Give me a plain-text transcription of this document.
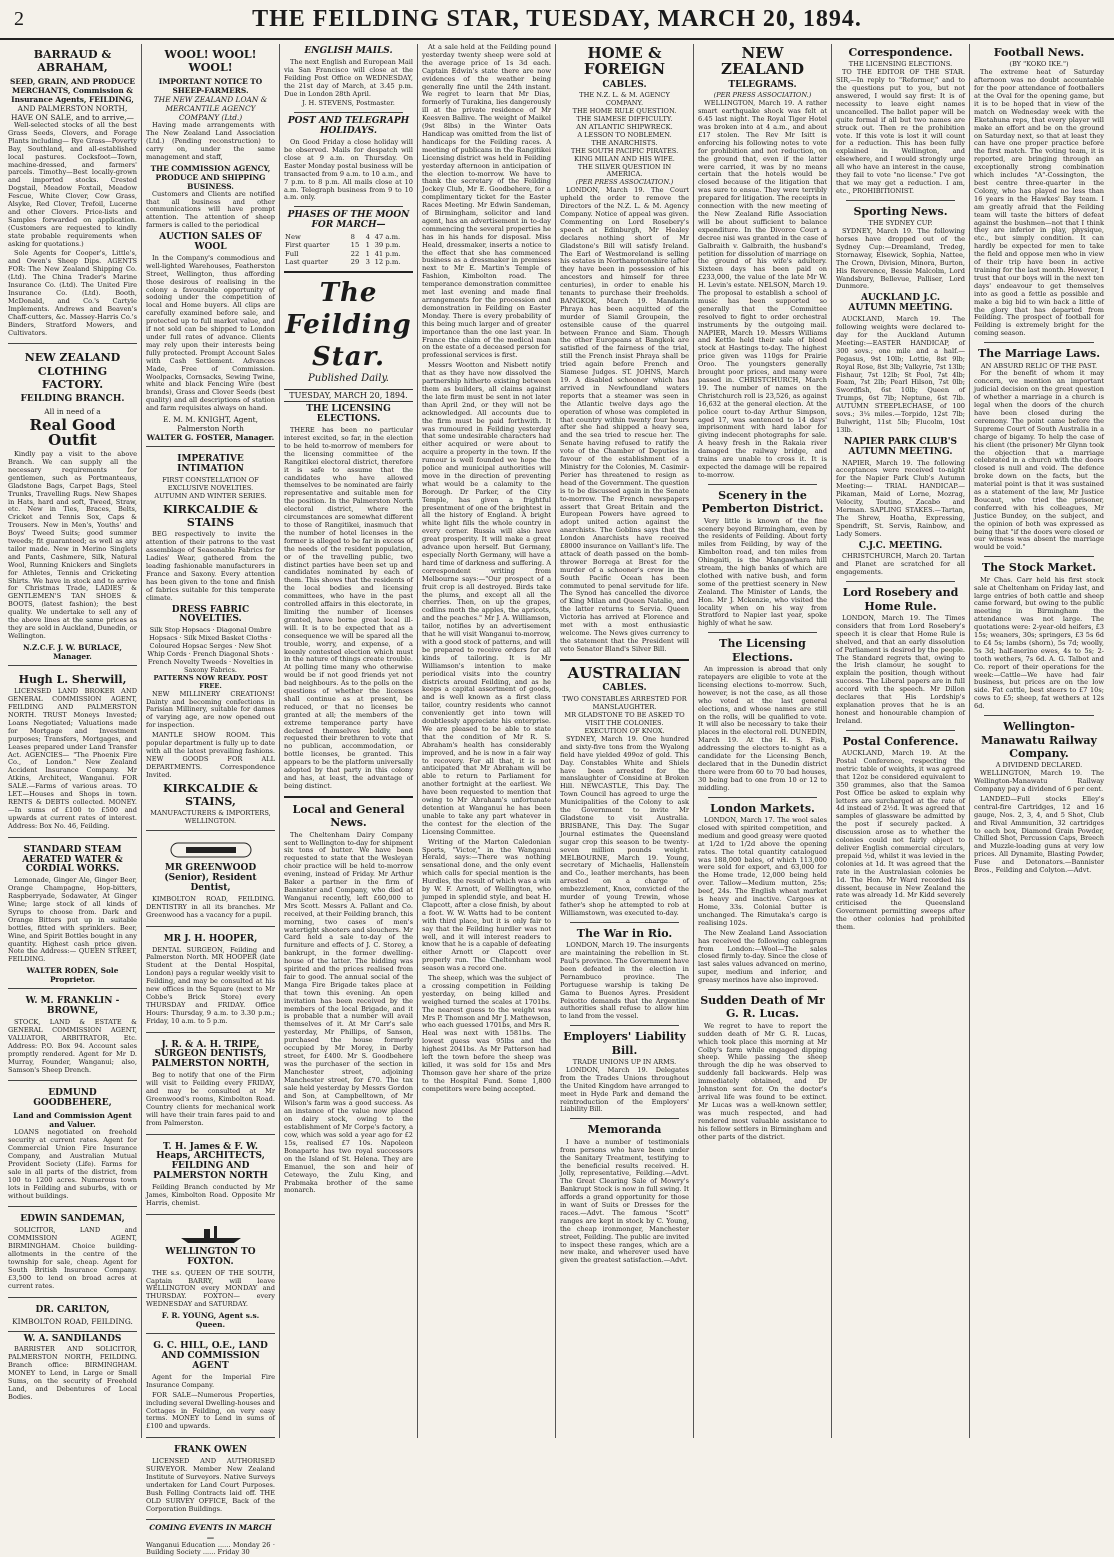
2	THE FEILDING STAR, TUESDAY, MARCH 20, 1894.
BARRAUD & ABRAHAM,
SEED, GRAIN, AND PRODUCE MERCHANTS, Commission & Insurance Agents, FEILDING,
AND PALMERSTON NORTH, HAVE ON SALE, and to arrive,—

Well-selected stocks of all the best Grass Seeds, Clovers, and Forage Plants including— Rye Grass—Poverty Bay, Southland, and all-established local pastures. Cocksfoot—Town, machine-dressed, and farmers' parcels. Timothy—Best locally-grown and imported stocks. Crested Dogstail, Meadow Foxtail, Meadow Fescue, White Clover, Cow Grass, Alsyke, Red Clover, Trefoil, Lucerne and other Clovers. Price-lists and Samples forwarded on application. (Customers are requested to kindly state probable requirements when asking for quotations.)

Sole Agents for Cooper's, Little's, and Owen's Sheep Dips. AGENTS FOR: The New Zealand Shipping Co. (Ltd). The China Trader's Marine Insurance Co. (Ltd). The United Fire Insurance Co. (Ltd). Booth, McDonald, and Co.'s Cartyle Implements. Andrews and Beaven's Chaff-cutters, &c. Massey-Harris Co.'s Binders, Stratford Mowers, and Cultivators.

NEW ZEALAND CLOTHING FACTORY.
FEILDING BRANCH.
All in need of a
Real Good Outfit

Kindly pay a visit to the above Branch. We can supply all the necessary requirements for gentlemen, such as Portmanteaus, Gladstone Bags, Carpet Bags, Steel Trunks, Travelling Rugs. New Shapes in Hats, hard and soft, Tweed, Straw, etc. New in Ties, Braces, Belts, Cricket and Tennis Sox, Caps & Trousers. New in Men's, Youths' and Boys' Tweed Suits; good summer tweeds; fit guaranteed; as well as any tailor made. New in Merino Singlets and Pants, Cashmere, Silk, Natural Wool, Running Knickers and Singlets for Athletes, Tennis and Cricketing Shirts. We have in stock and to arrive for Christmas Trade, LADIES' & GENTLEMEN'S TAN SHOES & BOOTS, (latest fashion); the best quality. We undertake to sell any of the above lines at the same prices as they are sold in Auckland, Dunedin, or Wellington.

N.Z.C.F. J. W. BURLACE, Manager.
Hugh L. Sherwill,

LICENSED LAND BROKER AND GENERAL COMMISSION AGENT, FEILDING AND PALMERSTON NORTH. TRUST Moneys Invested; Loans Negotiated; Valuations made for Mortgage and Investment purposes; Transfers, Mortgages, and Leases prepared under Land Transfer Act. AGENCIES— "The Phoenix Fire Co., of London." New Zealand Accident Insurance Company. Mr Atkins, Architect, Wanganui. FOR SALE.—Farms of various areas. TO LET.—Houses and Shops in town. RENTS & DEBTS collected. MONEY.—In sums of £100 to £500 and upwards at current rates of interest. Address: Box No. 46, Feilding.

STANDARD STEAM AERATED WATER & CORDIAL WORKS.

Lemonade, Ginger Ale, Ginger Beer, Orange Champagne, Hop-bitters, Raspberryade, Sodawater, At Ginger Wine; large stock of all kinds of Syrups to choose from. Dark and Orange Bitters put up in suitable bottles, fitted with sprinklers. Beer, Wine, and Spirit Bottles bought in any quantity. Highest cash price given. Note the Address:— QUEEN STREET, FEILDING.

WALTER RODEN, Sole Proprietor.
W. M. FRANKLIN - BROWNE,

STOCK, LAND & ESTATE & GENERAL COMMISSION AGENT, VALUATOR, ARBITRATOR, Etc. Address: P.O. Box 94. Account sales promptly rendered. Agent for Mr D. Murray, Founder, Wanganui; also, Samson's Sheep Drench.

EDMUND GOODBEHERE,
Land and Commission Agent and Valuer.

LOANS negotiated on freehold security at current rates. Agent for Commercial Union Fire Insurance Company, and Australian Mutual Provident Society (Life). Farms for sale in all parts of the district, from 100 to 1200 acres. Numerous town lots in Feilding and suburbs, with or without buildings.

EDWIN SANDEMAN,

SOLICITOR, LAND and COMMISSION AGENT, BIRMINGHAM. Choice building-allotments in the centre of the township for sale, cheap. Agent for South British Insurance Company. £3,500 to lend on broad acres at current rates.

DR. CARLTON,
KIMBOLTON ROAD, FEILDING.
W. A. SANDILANDS

BARRISTER AND SOLICITOR, PALMERSTON NORTH, FEILDING. Branch office: BIRMINGHAM. MONEY to Lend, in Large or Small Sums, on the security of Freehold Land, and Debentures of Local Bodies.

WOOL! WOOL! WOOL!
IMPORTANT NOTICE TO SHEEP-FARMERS.
THE NEW ZEALAND LOAN & MERCANTILE AGENCY COMPANY (Ltd.)

Having made arrangements with The New Zealand Land Association (Ltd.) (Pending reconstruction) to carry on, under the same management and staff,

THE COMMISSION AGENCY, PRODUCE AND SHIPPING BUSINESS.

Customers and Clients are notified that all business and other communications will have prompt attention. The attention of sheep farmers is called to the periodical

AUCTION SALES OF WOOL

In the Company's commodious and well-lighted Warehouses, Featherston Street, Wellington, thus affording those desirous of realising in the colony a favourable opportunity of sodoing under the competition of local and Home buyers. All clips are carefully examined before sale, and protected up to full market value, and if not sold can be shipped to London under full rates of advance. Clients may rely upon their interests being fully protected. Prompt Account Sales with Cash Settlement. Advances Made, Free of Commission. Woolpacks, Cornsacks, Sewing Twine, white and black Fencing Wire (best brands), Grass and Clover Seeds (best quality) and all descriptions of station and farm requisites always on hand.

E. M. M. KNIGHT, Agent, Palmerston North
WALTER G. FOSTER, Manager.
IMPERATIVE INTIMATION
FIRST CONSTELLATION OF EXCLUSIVE NOVELTIES.
AUTUMN AND WINTER SERIES.
KIRKCALDIE & STAINS

BEG respectively to invite the attention of their patrons to the vast assemblage of Seasonable Fabrics for Ladies' Wear, gathered from the leading fashionable manufacturers in France and Saxony. Every attention has been given to the tone and finish of fabrics suitable for this temperate climate.

DRESS FABRIC NOVELTIES.
Silk Stop Hopsacs · Diagonal Ombre Hopsacs · Silk Mixed Basket Cloths · Coloured Hopsac Serges · New Shot Whip Cords · French Diagonal Shots · French Novelty Tweeds · Novelties in Saxony Fabrics.
PATTERNS NOW READY. POST FREE.

NEW MILLINERY CREATIONS! Dainty and becoming confections in Parisian Millinery, suitable for dames of varying age, are now opened out for inspection.

MANTLE SHOW ROOM. This popular department is fully up to date with all the latest prevailing fashions. NEW GOODS FOR ALL DEPARTMENTS. Correspondence Invited.

KIRKCALDIE & STAINS,
MANUFACTURERS & IMPORTERS, WELLINGTON.
MR GREENWOOD (Senior), Resident Dentist,

KIMBOLTON ROAD, FEILDING. DENTISTRY in all its branches. Mr Greenwood has a vacancy for a pupil.

MR J. H. HOOPER,

DENTAL SURGEON, Feilding and Palmerston North. MR HOOPER (late Student at the Dental Hospital, London) pays a regular weekly visit to Feilding, and may be consulted at his new offices in the Square (next to Mr Cobbe's Brick Store) every THURSDAY and FRIDAY. Office Hours: Thursday, 9 a.m. to 3.30 p.m.; Friday, 10 a.m. to 5 p.m.

J. R. & A. H. TRIPE, SURGEON DENTISTS, PALMERSTON NORTH,

Beg to notify that one of the Firm will visit to Feilding every FRIDAY, and may be consulted at Mr Greenwood's rooms, Kimbolton Road. Country clients for mechanical work will have their train fares paid to and from Palmerston.

T. H. James & F. W. Heaps, ARCHITECTS, FEILDING AND PALMERSTON NORTH

Feilding Branch conducted by Mr James, Kimbolton Road. Opposite Mr Harris, chemist.

WELLINGTON TO FOXTON.

THE s.s. QUEEN OF THE SOUTH, Captain BARRY, will leave WELLINGTON every MONDAY and THURSDAY. FOXTON— every WEDNESDAY and SATURDAY.

F. R. YOUNG, Agent s.s. Queen.
G. C. HILL, O.E., LAND AND COMMISSION AGENT

Agent for the Imperial Fire Insurance Company.

FOR SALE—Numerous Properties, including several Dwelling-houses and Cottages in Feilding, on very easy terms. MONEY to Lend in sums of £100 and upwards.

FRANK OWEN

LICENSED AND AUTHORISED SURVEYOR. Member New Zealand Institute of Surveyors. Native Surveys undertaken for Land Court Purposes. Bush Felling Contracts laid off. THE OLD SURVEY OFFICE, Back of the Corporation Buildings.

COMING EVENTS IN MARCH—
Wanganui Education ...... Monday 26 · Building Society ...... Friday 30
ENGLISH MAILS.

The next English and European Mail via San Francisco will close at the Feilding Post Office on WEDNESDAY, the 21st day of March, at 3.45 p.m. Due in London 28th April.

J. H. STEVENS, Postmaster.
POST AND TELEGRAPH HOLIDAYS.

On Good Friday a close holiday will be observed. Mails for despatch will close at 9 a.m. on Thursday. On Easter Monday postal business will be transacted from 9 a.m. to 10 a.m., and 7 p.m. to 8 p.m. All mails close at 10 a.m. Telegraph business from 9 to 10 a.m. only.

PHASES OF THE MOON FOR MARCH—
New	8	4	47 a.m.
First quarter	15	1	39 p.m.
Full	22	1	41 p.m.
Last quarter	29	3	12 p.m.
The Feilding Star.
Published Daily.
TUESDAY, MARCH 20, 1894.
THE LICENSING ELECTIONS.

THERE has been no particular interest excited, so far, in the election to be held to-morrow of members for the licensing committee of the Rangitikei electoral district, therefore it is safe to assume that the candidates who have allowed themselves to be nominated are fairly representative and suitable men for the position. In the Palmerston North electoral district, where the circumstances are somewhat different to those of Rangitikei, inasmuch that the number of hotel licenses in the former is alleged to be far in excess of the needs of the resident population, or of the travelling public, two distinct parties have been set up and candidates nominated by each of them. This shows that the residents of the local bodies and licensing committees, who have in the past controlled affairs in this electorate, in limiting the number of licenses granted, have borne great local ill-will. It is to be expected that as a consequence we will be spared all the trouble, worry, and expense, of a keenly contested election which must in the nature of things create trouble. At polling time many who otherwise would be if not good friends yet not bad neighbours. As to the polls on the questions of whether the licenses shall continue as at present, be reduced, or that no licenses be granted at all; the members of the extreme temperance party have declared themselves boldly, and requested their brethren to vote that no publican, accommodation, or bottle licenses, be granted. This appears to be the platform universally adopted by that party in this colony and has, at least, the advantage of being distinct.

Local and General News.

The Cheltenham Dairy Company sent to Wellington to-day for shipment six tons of butter. We have been requested to state that the Wesleyan choir practice will be held to-morrow evening, instead of Friday. Mr Arthur Baker a partner in the firm of Bannister and Company, who died at Wanganui recently, left £60,000 to Mrs Scott. Messrs A. Pallant and Co. received, at their Feilding branch, this morning, two cases of men's watertight shooters and slouchers. Mr Card held a sale to-day of the furniture and effects of J. C. Storey, a bankrupt, in the former dwelling-house of the latter. The bidding was spirited and the prices realised from fair to good. The annual social of the Manga Fire Brigade takes place at that town this evening. An open invitation has been received by the members of the local Brigade, and it is probable that a number will avail themselves of it. At Mr Carr's sale yesterday, Mr Phillips, of Sanson, purchased the house formerly occupied by Mr Morey, in Derby street, for £400. Mr S. Goodbehere was the purchaser of the section in Manchester street, adjoining Manchester street, for £70. The tax sale held yesterday by Messrs Gordon and Son, at Campbelltown, of Mr Wilson's farm was a good success. As an instance of the value now placed on dairy stock, owing to the establishment of Mr Corpe's factory, a cow, which was sold a year ago for £2 15s, realised £7 10s. Napoleon Bonaparte has two royal successors on the Island of St. Helena. They are Emanuel, the son and heir of Cetewayo, the Zulu King, and Prabmaka brother of the same monarch.

At a sale held at the Feilding pound yesterday twenty sheep were sold at the average price of 1s 3d each. Captain Edwin's state there are now evidences of the weather being generally fine until the 24th instant. We regret to learn that Mr Dias, formerly of Turakina, lies dangerously ill at the private residence of Mr Keesven Ballive. The weight of Maikel (9st 8lbs) in the Winter Oats Handicap was omitted from the list of handicaps for the Feilding races. A meeting of publicans in the Rangitikei Licensing district was held in Feilding yesterday afternoon in anticipation of the election to-morrow. We have to thank the secretary of the Feilding Jockey Club, Mr E. Goodbehere, for a complimentary ticket for the Easter Races Meeting. Mr Edwin Sandeman, of Birmingham, solicitor and land agent, has an advertisement in to-day commencing the several properties he has in his hands for disposal. Miss Heald, dressmaker, inserts a notice to the effect that she has commenced business as a dressmaker in premises next to Mr E. Martin's Temple of Fashion, Kimbolton road. The temperance demonstration committee met last evening and made final arrangements for the procession and demonstration in Feilding on Easter Monday. There is every probability of this being much larger and of greater importance than the one last year. In France the claim of the medical man on the estate of a deceased person for professional services is first.

Messrs Wootton and Nisbett notify that as they have now dissolved the partnership hitherto existing between them as builders, all claims against the late firm must be sent in not later than April 2nd, or they will not be acknowledged. All accounts due to the firm must be paid forthwith. It was rumoured in Feilding yesterday that some undesirable characters had either acquired or were about to acquire a property in the town. If the rumour is well founded we hope the police and municipal authorities will move in the direction of preventing what would be a calamity to the Borough. Dr Parker, of the City Temple, has given a frightful presentment of one of the brightest in all the history of England. A bright white light fills the whole country in every corner. Russia will also have great prosperity. It will make a great advance upon herself. But Germany, especially North Germany, will have a hard time of darkness and suffering. A correspondent writing from Melbourne says:—"Our prospect of a fruit crop is all destroyed. Birds take the plums, and except all all the cherries. Then, on up the grapes, codlins moth the apples, the apricots, and the peaches." Mr J. A. Williamson, tailor, notifies by an advertisement that he will visit Wanganui to-morrow, with a good stock of patterns, and will be prepared to receive orders for all kinds of tailoring. It is Mr Williamson's intention to make periodical visits into the country districts around Feilding, and as he keeps a capital assortment of goods, and is well known as a first class tailor, country residents who cannot conveniently get into town will doubtlessly appreciate his enterprise. We are pleased to be able to state that the condition of Mr R. S. Abraham's health has considerably improved, and he is now in a fair way to recovery. For all that, it is not anticipated that Mr Abraham will be able to return to Parliament for another fortnight at the earliest. We have been requested to mention that owing to Mr Abraham's unfortunate detention at Wanganui he has been unable to take any part whatever in the contest for the election of the Licensing Committee.

Writing of the Marton Caledonian Sports, "Victor," in the Wanganui Herald, says:—There was nothing sensational done, and the only event which calls for special mention is the Hurdles, the result of which was a win by W. F. Arnott, of Wellington, who jumped in splendid style, and beat H. Clapcott, after a close finish, by about a foot. W. W. Watts had to be content with third place, but it is only fair to say that the Feilding hurdler was not well, and it will interest readers to know that he is a capable of defeating either Arnott or Clapcott over properly run. The Cheltenham wool season was a record one.

The sheep, which was the subject of a crossing competition in Feilding yesterday, on being killed and weighed turned the scales at 1701bs. The nearest guess to the weight was Mrs P. Thomson and Mr J. Mathewson, who each guessed 1701bs, and Mrs R. Heal was next with 1581bs. The lowest guess was 95lbs and the highest 2041bs. As Mr Patterson had left the town before the sheep was killed, it was sold for 15s and Mrs Thomson gave her share of the prize to the Hospital Fund. Some 1,800 competitors were being accepted.

HOME & FOREIGN
CABLES.
THE N.Z. L. & M. AGENCY COMPANY.
THE HOME RULE QUESTION.
THE SIAMESE DIFFICULTY.
AN ATLANTIC SHIPWRECK.
A LESSON TO NOBLEMEN.
THE ANARCHISTS.
THE SOUTH PACIFIC PIRATES.
KING MILAN AND HIS WIFE.
THE SILVER QUESTION IN AMERICA.
(PER PRESS ASSOCIATION.)

LONDON, March 19. The Court upheld the order to remove the Directors of the N.Z. L. & M. Agency Company. Notice of appeal was given. Commenting on Lord Rosebery's speech at Edinburgh, Mr Healey declares nothing short of Mr Gladstone's Bill will satisfy Ireland. The Earl of Westmoreland is selling his estates in Northamptonshire (after they have been in possession of his ancestors and himself for three centuries), in order to enable his tenants to purchase their freeholds. BANGKOK, March 19. Mandarin Phraya has been acquitted of the murder of Siamil Groupein, the ostensible cause of the quarrel between France and Siam. Though the other Europeans at Bangkok are satisfied of the fairness of the trial, still the French insist Phraya shall be tried again before French and Siamese Judges. ST. JOHNS, March 19. A disabled schooner which has arrived in Newfoundland waters reports that a steamer was seen in the Atlantic twelve days ago the operation of whose was completed in that country within twenty four hours after she had shipped a heavy sea, and the sea tried to rescue her. The Senate having refused to ratify the vote of the Chamber of Deputies in favour of the establishment of a Ministry for the Colonies, M. Casimir-Perier has threatened to resign as head of the Government. The question is to be discussed again in the Senate to-morrow. The French newspapers assert that Great Britain and the European Powers have agreed to adopt united action against the anarchists. The Goblins says that the London Anarchists have received £8000 insurance on Vaillant's life. The attack of death passed on the bomb-thrower Borrega at Brest for the murder of a schooner's crew in the South Pacific Ocean has been commuted to penal servitude for life. The Synod has cancelled the divorce of King Milan and Queen Natalie, and the latter returns to Servia. Queen Victoria has arrived at Florence and met with a most enthusiastic welcome. The News gives currency to the statement that the President will veto Senator Bland's Silver Bill.

AUSTRALIAN
CABLES.
TWO CONSTABLES ARRESTED FOR MANSLAUGHTER.
MR GLADSTONE TO BE ASKED TO VISIT THE COLONIES.
EXECUTION OF KNOX.

SYDNEY, March 19. One hundred and sixty-five tons from the Wyalong field have yielded 499oz of gold. This Day. Constables White and Shiels have been arrested for the manslaughter of Considine at Broken Hill. NEWCASTLE, This Day. The Town Council has agreed to urge the Municipalities of the Colony to ask the Government to invite Mr Gladstone to visit Australia. BRISBANE, This Day. The Sugar Journal estimates the Queensland sugar crop this season to be twenty-seven million pounds weight. MELBOURNE, March 19. Young, secretary of Michaelis, Hallenstein and Co., leather merchants, has been arrested on a charge of embezzlement, Knox, convicted of the murder of young Trewin, whose father's shop he attempted to rob at Williamstown, was executed to-day.

The War in Rio.

LONDON, March 19. The insurgents are maintaining the rebellion in St. Paul's province. The Government have been defeated in the election in Pernambuco province. The Portuguese warship is taking De Gama to Buenos Ayres. President Peixotto demands that the Argentine authorities shall refuse to allow him to land from the vessel.

Employers' Liability Bill.
TRADE UNIONS UP IN ARMS.

LONDON, March 19. Delegates from the Trades Unions throughout the United Kingdom have arranged to meet in Hyde Park and demand the reintroduction of the Employers' Liability Bill.

Memoranda

I have a number of testimonials from persons who have been under the Sanitary Treatment, testifying to the beneficial results received. H. Jolly, representative, Feilding.—Advt. The Great Clearing Sale of Mowry's Bankrupt Stock is now in full swing. It affords a grand opportunity for those in want of Suits or Dresses for the races.—Advt. The famous "Scott" ranges are kept in stock by C. Young, the cheap ironmonger, Manchester street, Feilding. The public are invited to inspect these ranges, which are a new make, and wherever used have given the greatest satisfaction.—Advt.

NEW ZEALAND
TELEGRAMS.
(PER PRESS ASSOCIATION.)

WELLINGTON, March 19. A rather smart earthquake shock was felt at 6.45 last night. The Royal Tiger Hotel was broken into at 4 a.m., and about £17 stolen. The Rev Mr Isitt is enforcing his following notes to vote for prohibition and not reduction, on the ground that, even if the latter were carried, it was by no means certain that the hotels would be closed because of the litigation that was sure to ensue. They were terribly prepared for litigation. The receipts in connection with the new meeting of the New Zealand Rifle Association will be about sufficient to balance expenditure. In the Divorce Court a decree nisi was granted in the case of Galbraith v. Galbraith, the husband's petition for dissolution of marriage on the ground of his wife's adultery. Sixteen days has been paid on £233,000, the value of the late Mr W. H. Levin's estate. NELSON, March 19. The proposal to establish a school of music has been supported so generally that the Committee resolved to fight to order orchestral instruments by the outgoing mail. NAPIER, March 19. Messrs Williams and Kettle held their sale of blood stock at Hastings to-day. The highest price given was 110gs for Prairie Oroo. The youngsters generally brought poor prices, and many were passed in. CHRISTCHURCH, March 19. The number of names on the Christchurch roll is 23,526, as against 16,632 at the general election. At the police court to-day Arthur Simpson, aged 17, was sentenced to 14 days' imprisonment with hard labor for giving indecent photographs for sale. A heavy fresh in the Rakaia river damaged the railway bridge, and trains are unable to cross it. It is expected the damage will be repaired to-morrow.

Scenery in the Pemberton District.

Very little is known of the fine scenery beyond Birmingham, even by the residents of Feilding. About forty miles from Feilding, by way of the Kimbolton road, and ten miles from Ohingaiti, is the Mangawhara hill stream, the high banks of which are clothed with native bush, and form some of the prettiest scenery in New Zealand. The Minister of Lands, the Hon. Mr J. Mckenzie, who visited the locality when on his way from Stratford to Napier last year, spoke highly of what he saw.

The Licensing Elections.

An impression is abroad that only ratepayers are eligible to vote at the licensing elections to-morrow. Such, however, is not the case, as all those who voted at the last general elections, and whose names are still on the rolls, will be qualified to vote. It will also be necessary to take their places in the electoral roll. DUNEDIN, March 19. At the H. S. Fish, addressing the electors to-night as a candidate for the Licensing Bench, declared that in the Dunedin district there were from 60 to 70 bad houses, 30 being bad to one from 10 or 12 to middling.

London Markets.

LONDON, March 17. The wool sales closed with spirited competition, and medium and good greasy were quoted at 1/2d to 1/2d above the opening rates. The total quantity catalogued was 188,000 bales, of which 113,000 were sold for export, and 63,000 for the Home trade, 12,000 being held over. Tallow—Medium mutton, 25s; beef, 24s. The English wheat market is heavy and inactive. Cargoes at Home, 33s. Colonial butter is unchanged. The Rimutaka's cargo is realising 102s.

The New Zealand Land Association has received the following cablegram from London:—Wool—The sales closed firmly to-day. Since the close of last sales values advanced on merino, super, medium and inferior, and greasy merinos have also improved.

Sudden Death of Mr G. R. Lucas.

We regret to have to report the sudden death of Mr G. R. Lucas, which took place this morning at Mr Colby's farm while engaged dipping sheep. While passing the sheep through the dip he was observed to suddenly fall backwards. Help was immediately obtained, and Dr Johnston sent for. On the doctor's arrival life was found to be extinct. Mr Lucas was a well-known settler, was much respected, and had rendered most valuable assistance to his fellow settlers in Birmingham and other parts of the district.

Correspondence.
THE LICENSING ELECTIONS.

TO THE EDITOR OF THE STAR. SIR,—In reply to "Reformer," and to the questions put to you, but not answered, I would say first: It is of necessity to leave eight names uncancelled. The ballot paper will be quite formal if all but two names are struck out. Then re the prohibition vote. If this vote is lost it will count for a reduction. This has been fully explained in Wellington, and elsewhere, and I would strongly urge all who have an interest in the cause, they fail to vote "no license." I've got that we may get a reduction. I am, etc., PROHIBITIONIST.

Sporting News.
THE SYDNEY CUP.

SYDNEY, March 19. The following horses have dropped out of the Sydney Cup:—Dreamland, Tredeg, Stornaway, Elsewick, Sophia, Nattee, The Crown, Division, Minora, Burton, His Reverence, Bessie Malcolm, Lord Wandsbury, Bellevue, Palliser, Lord Dunmore.

AUCKLAND J.C. AUTUMN MEETING.

AUCKLAND, March 19. The following weights were declared to-day for the Auckland Autumn Meeting:—EASTER HANDICAP, of 300 sovs.; one mile and a half.—Pegasus, 9st 10lb; Lottie, 8st 9lb; Royal Rose, 8st 3lb; Valkyrie, 7st 13lb; Fishaur, 7st 12lb; St Pool, 7st 4lb; Foam, 7st 2lb; Pearl Hilson, 7st 0lb; Swordfish, 6st 10lb; Queen of Trumps, 6st 7lb; Neptune, 6st 7lb. AUTUMN STEEPLECHASE, of 100 sovs.; 3¼ miles.—Torpido, 12st 7lb; Bulwright, 11st 5lb; Flucolm, 10st 13lb.

NAPIER PARK CLUB'S AUTUMN MEETING.

NAPIER, March 19. The following acceptances were received to-night for the Napier Park Club's Autumn Meeting:— TRIAL HANDICAP.—Pikaman, Maid of Lorne, Mozrag, Velocity, Toutino, Zacabo and Merman. SAPLING STAKES.—Tartan, The Shrew, Hoatha, Expressing, Spendrift, St. Servis, Rainbow, and Lady Somers.

C.J.C. MEETING.

CHRISTCHURCH, March 20. Tartan and Planet are scratched for all engagements.

Lord Rosebery and Home Rule.

LONDON, March 19. The Times considers that from Lord Rosebery's speech it is clear that Home Rule is shelved, and that an early dissolution of Parliament is desired by the people. The Standard regrets that, owing to the Irish clamour, he sought to explain the position, though without success. The Liberal papers are in full accord with the speech. Mr Dillon declares that His Lordship's explanation proves that he is an honest and honourable champion of Ireland.

Postal Conference.

AUCKLAND, March 19. At the Postal Conference, respecting the metric table of weights, it was agreed that 12oz be considered equivalent to 350 grammes, also that the Samoa Post Office be asked to explain why letters are surcharged at the rate of 4d instead of 2½d. It was agreed that samples of glassware be admitted by the post if securely packed. A discussion arose as to whether the colonies could not fairly object to deliver English commercial circulars, prepaid ½d, whilst it was levied in the colonies at 1d. It was agreed that the rate in the Australasian colonies be 1d. The Hon. Mr Ward recorded his dissent, because in New Zealand the rate was already 1d. Mr Kidd severely criticised the Queensland Government permitting sweeps after the other colonies had prohibited them.

Football News.
(BY "KOKO IKE.")

The extreme heat of Saturday afternoon was no doubt accountable for the poor attendance of footballers at the Oval for the opening game, but it is to be hoped that in view of the match on Wednesday week with the Eketahuna reps, that every player will make an effort and be on the ground on Saturday next, so that at least they can have one proper practice before the first match. The voting team, it is reported, are bringing through an exceptionally strong combination which includes "A"-Cossington, the best centre three-quarter in the Colony, who has played no less than 16 years in the Hawkes' Bay team. I am greatly afraid that the Feilding team will taste the bitters of defeat against the bushmen—not that I think they are inferior in play, physique, etc., but simply condition. It can hardly be expected for men to take the field and oppose men who in view of their trip have been in active training for the last month. However, I trust that our boys will in the next ten days' endeavour to get themselves into as good a fettle as possible and make a big bid to win back a little of the glory that has departed from Feilding. The prospect of football for Feilding is extremely bright for the coming season.

The Marriage Laws.
AN ABSURD RELIC OF THE PAST.

For the benefit of whom it may concern, we mention an important judicial decision on the great question of whether a marriage in a church is legal when the doors of the church have been closed during the ceremony. The point came before the Supreme Court of South Australia in a charge of bigamy. To help the case of his client (the prisoner) Mr Glynn took the objection that a marriage celebrated in a church with the doors closed is null and void. The defence broke down on the facts, but the material point is that it was sustained as a statement of the law, Mr Justice Boucaut, who tried the prisoner, conferred with his colleagues, Mr Justice Bundey, on the subject, and the opinion of both was expressed as being that "if the doors were closed or our witness was absent the marriage would be void."

The Stock Market.

Mr Chas. Carr held his first stock sale at Cheltenham on Friday last, and large entries of both cattle and sheep came forward, but owing to the public meeting in Birmingham the attendance was not large. The quotations were: 2-year-old heifers, £3 15s; weaners, 30s; springers, £3 5s 6d to £4 5s; lambs (shorn), 5s 7d; woolly, 5s 3d; half-merino ewes, 4s to 5s; 2-tooth wethers, 7s 6d. A. G. Talbot and Co. report of their operations for the week:—Cattle—We have had fair business, but prices are on the low side. Fat cattle, best steers to £7 10s; cows to £5; sheep, fat wethers at 12s 6d.

Wellington-Manawatu Railway Company.
A DIVIDEND DECLARED.

WELLINGTON, March 19. The Wellington-Manawatu Railway Company pay a dividend of 6 per cent.

LANDED—Full stocks Elley's central-fire Cartridges, 12 and 16 gauge, Nos. 2, 3, 4, and 5 Shot, Club and Rival Ammunition, 32 cartridges to each box, Diamond Grain Powder, Chilled Shot, Percussion Caps, Breech and Muzzle-loading guns at very low prices. All Dynamite, Blasting Powder, Fuse and Detonators.—Bannister Bros., Feilding and Colyton.—Advt.
